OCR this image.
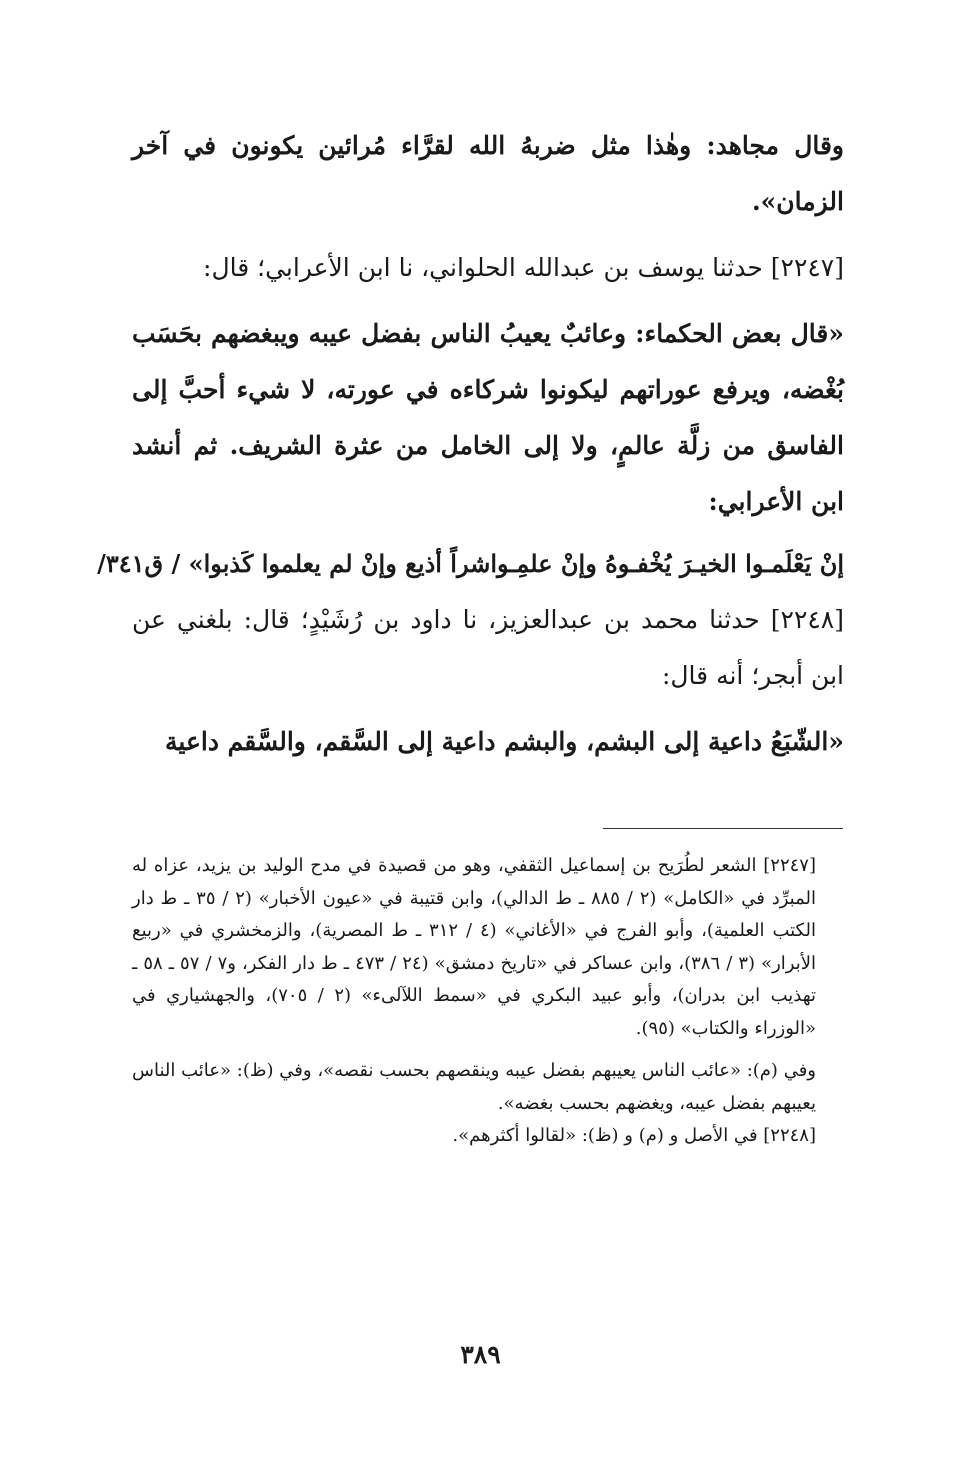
وقال مجاهد: وهٰذا مثل ضربهُ الله لقرَّاء مُرائين يكونون في آخر الزمان».

[٢٢٤٧] حدثنا يوسف بن عبدالله الحلواني، نا ابن الأعرابي؛ قال:

«قال بعض الحكماء: وعائبٌ يعيبُ الناس بفضل عيبه ويبغضهم بحَسَب بُغْضه، ويرفع عوراتهم ليكونوا شركاءه في عورته، لا شيء أحبَّ إلى الفاسق من زلَّة عالمٍ، ولا إلى الخامل من عثرة الشريف. ثم أنشد ابن الأعرابي:

إنْ يَعْلَمـوا الخيـرَ يُخْفـوهُ وإنْ علمِـوا
شراً أذيع وإنْ لم يعلموا كَذبوا» / ق٣٤١/

[٢٢٤٨] حدثنا محمد بن عبدالعزيز، نا داود بن رُشَيْدٍ؛ قال: بلغني عن ابن أبجر؛ أنه قال:

«الشّبَعُ داعية إلى البشم، والبشم داعية إلى السَّقم، والسَّقم داعية

[٢٢٤٧] الشعر لطُرَيح بن إسماعيل الثقفي، وهو من قصيدة في مدح الوليد بن يزيد، عزاه له المبرِّد في «الكامل» (٢ / ٨٨٥ ـ ط الدالي)، وابن قتيبة في «عيون الأخبار» (٢ / ٣٥ ـ ط دار الكتب العلمية)، وأبو الفرج في «الأغاني» (٤ / ٣١٢ ـ ط المصرية)، والزمخشري في «ربيع الأبرار» (٣ / ٣٨٦)، وابن عساكر في «تاريخ دمشق» (٢٤ / ٤٧٣ ـ ط دار الفكر، و٧ / ٥٧ ـ ٥٨ ـ تهذيب ابن بدران)، وأبو عبيد البكري في «سمط اللآلىء» (٢ / ٧٠٥)، والجهشياري في «الوزراء والكتاب» (٩٥).

وفي (م): «عائب الناس يعيبهم بفضل عيبه وينقصهم بحسب نقصه»، وفي (ظ): «عائب الناس يعيبهم بفضل عيبه، ويغضهم بحسب بغضه».

[٢٢٤٨] في الأصل و (م) و (ظ): «لقالوا أكثرهم».

٣٨٩
